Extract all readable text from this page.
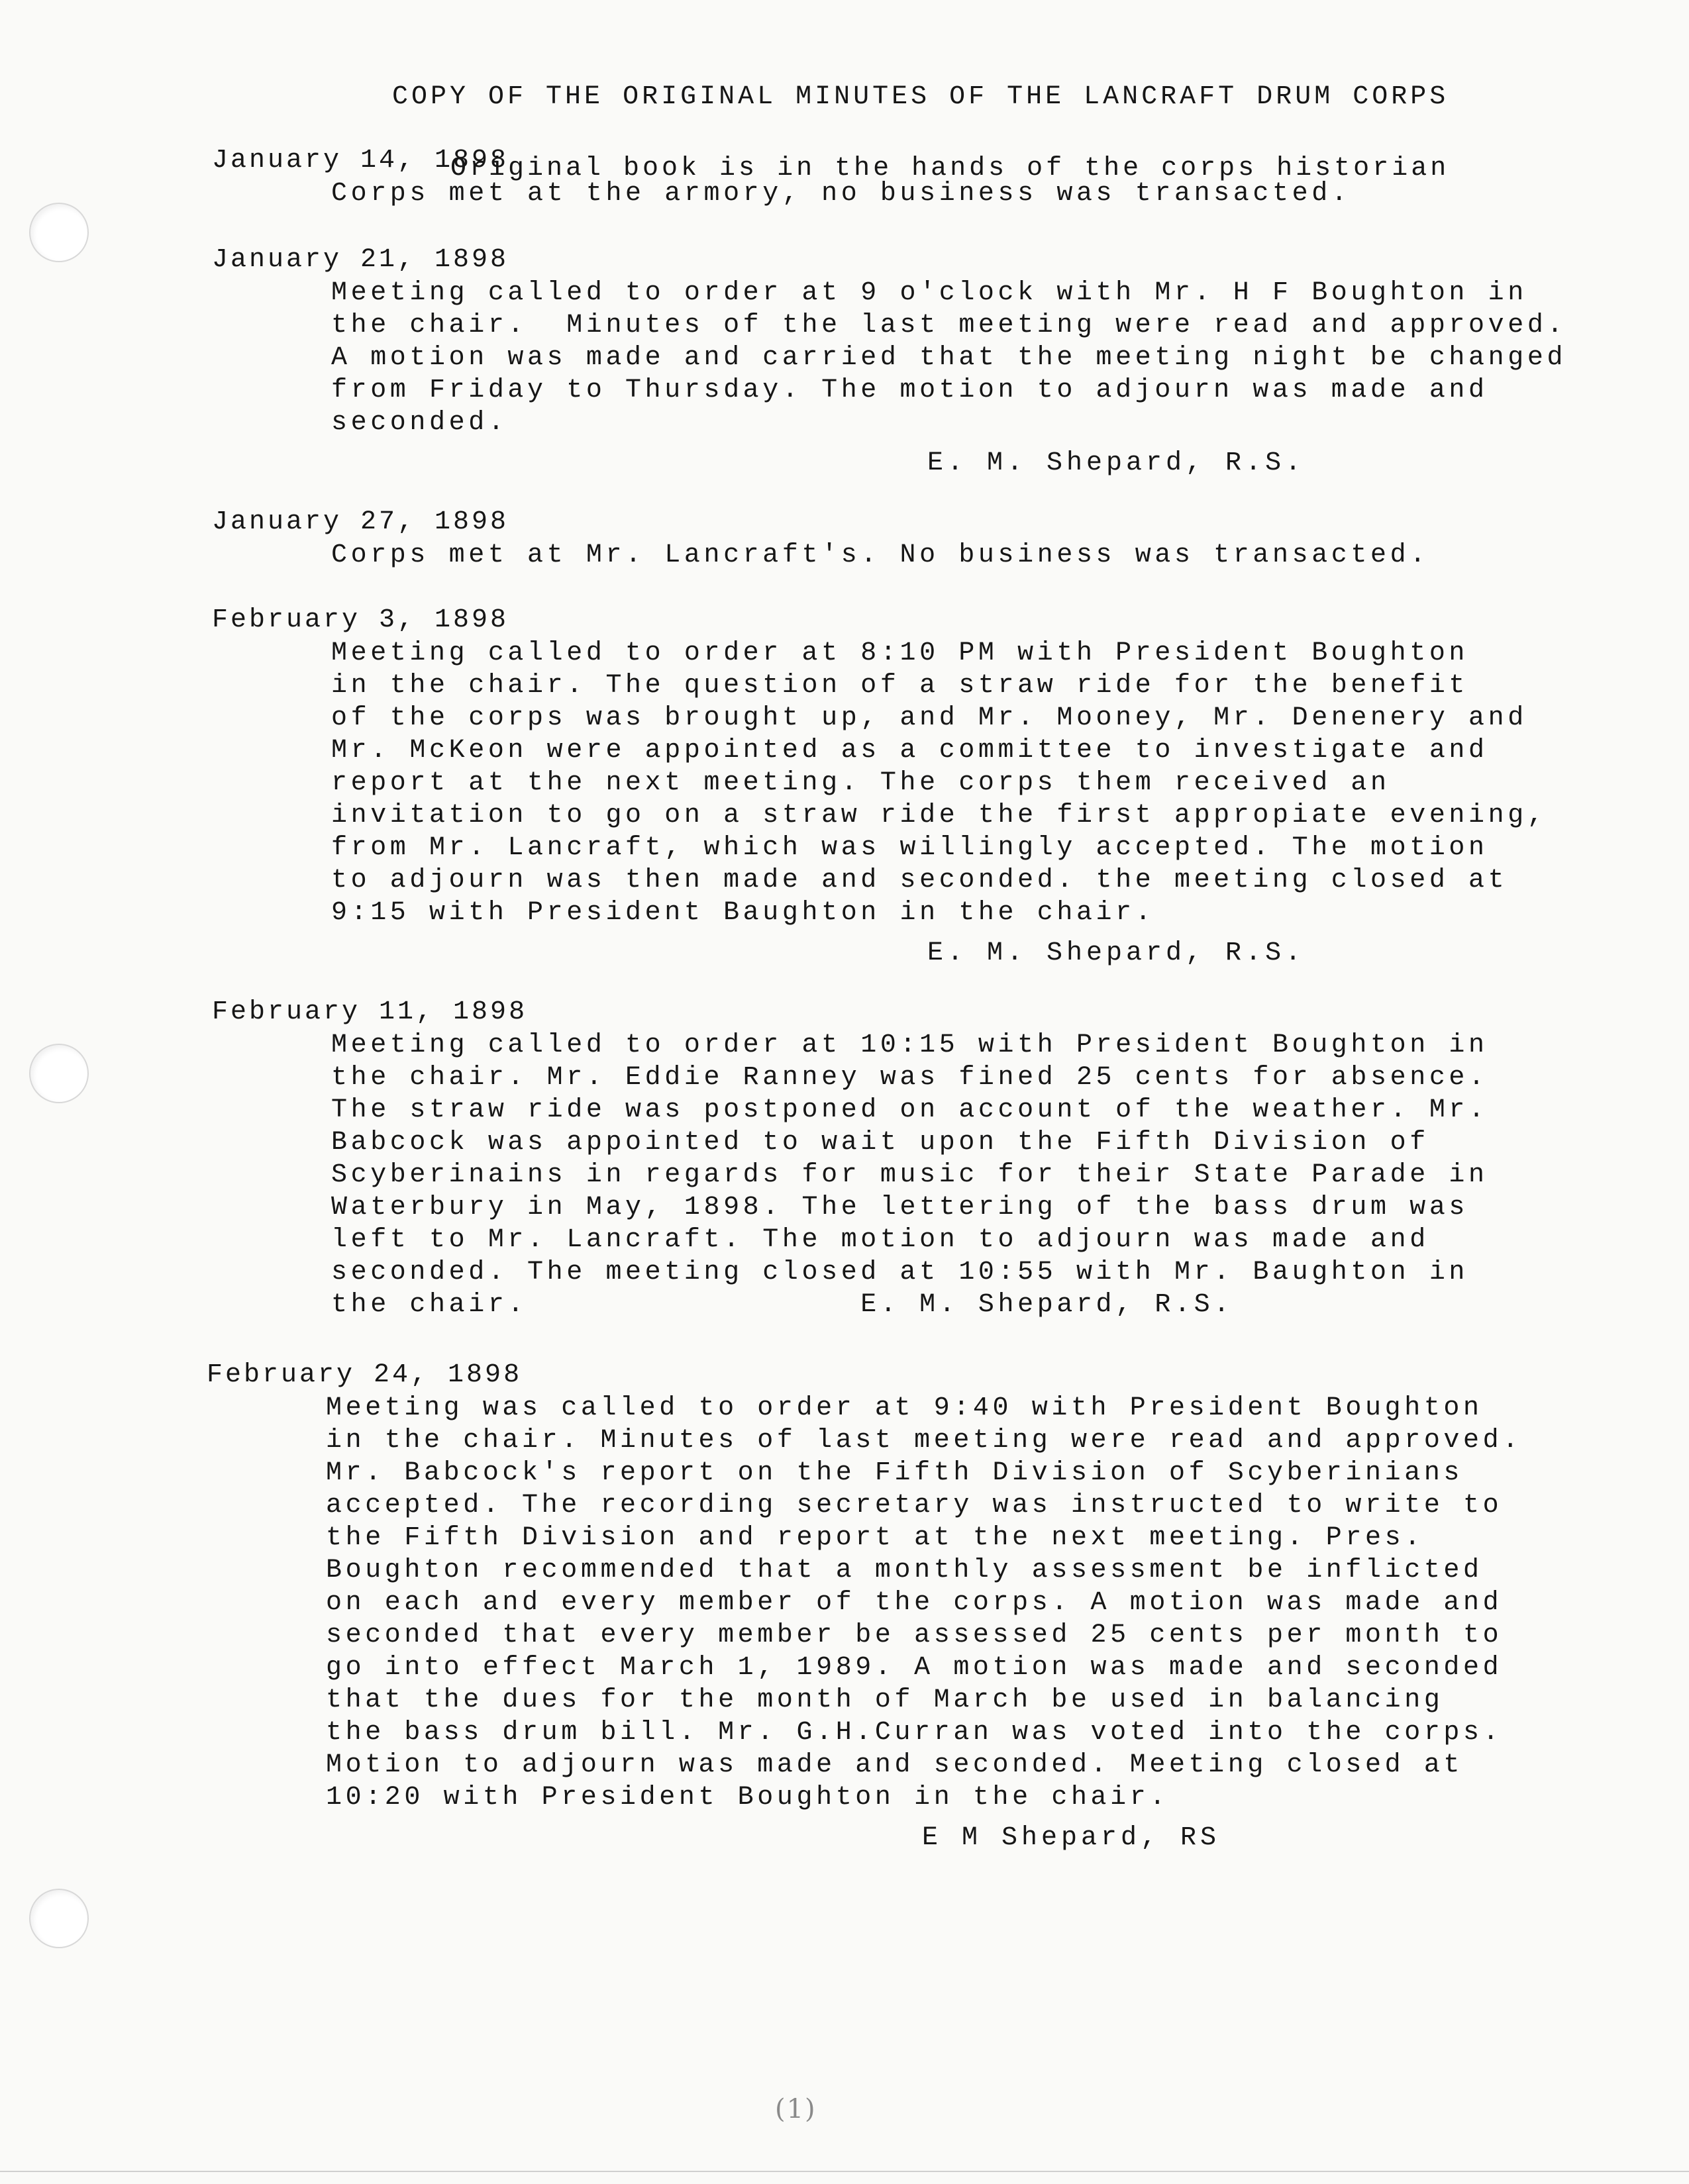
COPY OF THE ORIGINAL MINUTES OF THE LANCRAFT DRUM CORPS

Original book is in the hands of the corps historian

January 14, 1898
Corps met at the armory, no business was transacted.
January 21, 1898
Meeting called to order at 9 o'clock with Mr. H F Boughton in
the chair.  Minutes of the last meeting were read and approved.
A motion was made and carried that the meeting night be changed
from Friday to Thursday. The motion to adjourn was made and
seconded.
E. M. Shepard, R.S.
January 27, 1898
Corps met at Mr. Lancraft's. No business was transacted.
February 3, 1898
Meeting called to order at 8:10 PM with President Boughton
in the chair. The question of a straw ride for the benefit
of the corps was brought up, and Mr. Mooney, Mr. Denenery and
Mr. McKeon were appointed as a committee to investigate and
report at the next meeting. The corps them received an
invitation to go on a straw ride the first appropiate evening,
from Mr. Lancraft, which was willingly accepted. The motion
to adjourn was then made and seconded. the meeting closed at
9:15 with President Baughton in the chair.
E. M. Shepard, R.S.
February 11, 1898
Meeting called to order at 10:15 with President Boughton in
the chair. Mr. Eddie Ranney was fined 25 cents for absence.
The straw ride was postponed on account of the weather. Mr.
Babcock was appointed to wait upon the Fifth Division of
Scyberinains in regards for music for their State Parade in
Waterbury in May, 1898. The lettering of the bass drum was
left to Mr. Lancraft. The motion to adjourn was made and
seconded. The meeting closed at 10:55 with Mr. Baughton in
the chair.                 E. M. Shepard, R.S.
February 24, 1898
Meeting was called to order at 9:40 with President Boughton
in the chair. Minutes of last meeting were read and approved.
Mr. Babcock's report on the Fifth Division of Scyberinians
accepted. The recording secretary was instructed to write to
the Fifth Division and report at the next meeting. Pres.
Boughton recommended that a monthly assessment be inflicted
on each and every member of the corps. A motion was made and
seconded that every member be assessed 25 cents per month to
go into effect March 1, 1989. A motion was made and seconded
that the dues for the month of March be used in balancing
the bass drum bill. Mr. G.H.Curran was voted into the corps.
Motion to adjourn was made and seconded. Meeting closed at
10:20 with President Boughton in the chair.
E M Shepard, RS
(1)
